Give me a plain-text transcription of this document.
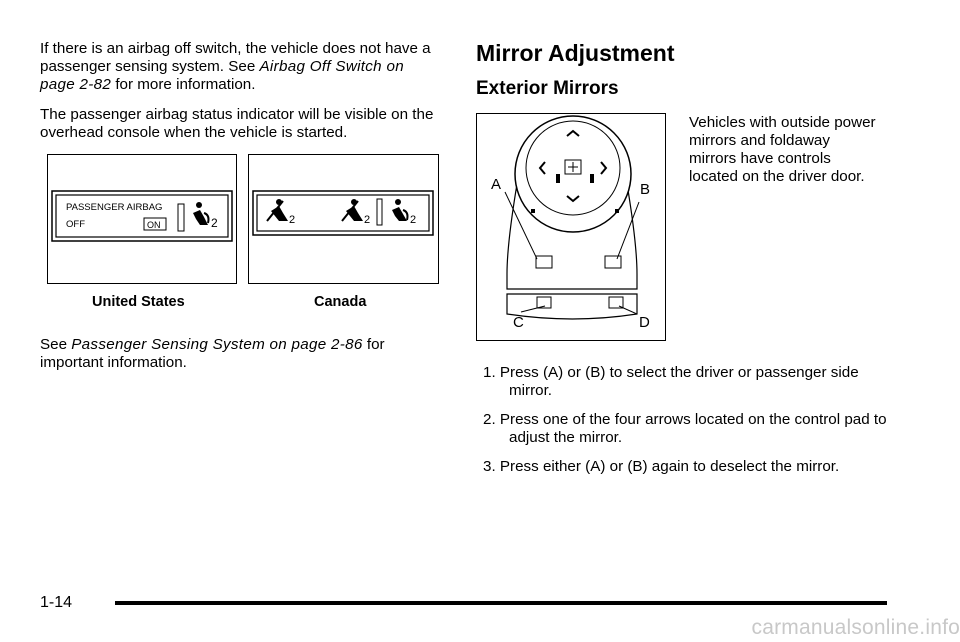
If there is an airbag off switch, the vehicle does not have a passenger sensing system. See Airbag Off Switch on page 2-82 for more information.

The passenger airbag status indicator will be visible on the overhead console when the vehicle is started.

PASSENGER AIRBAG
OFF	ON	2	2	2	2
United States	Canada

See Passenger Sensing System on page 2-86 for important information.

Mirror Adjustment
Exterior Mirrors
A	B
C	D
Vehicles with outside power mirrors and foldaway mirrors have controls located on the driver door.
1. Press (A) or (B) to select the driver or passenger side mirror.
2. Press one of the four arrows located on the control pad to adjust the mirror.
3. Press either (A) or (B) again to deselect the mirror.
1-14
carmanualsonline.info
